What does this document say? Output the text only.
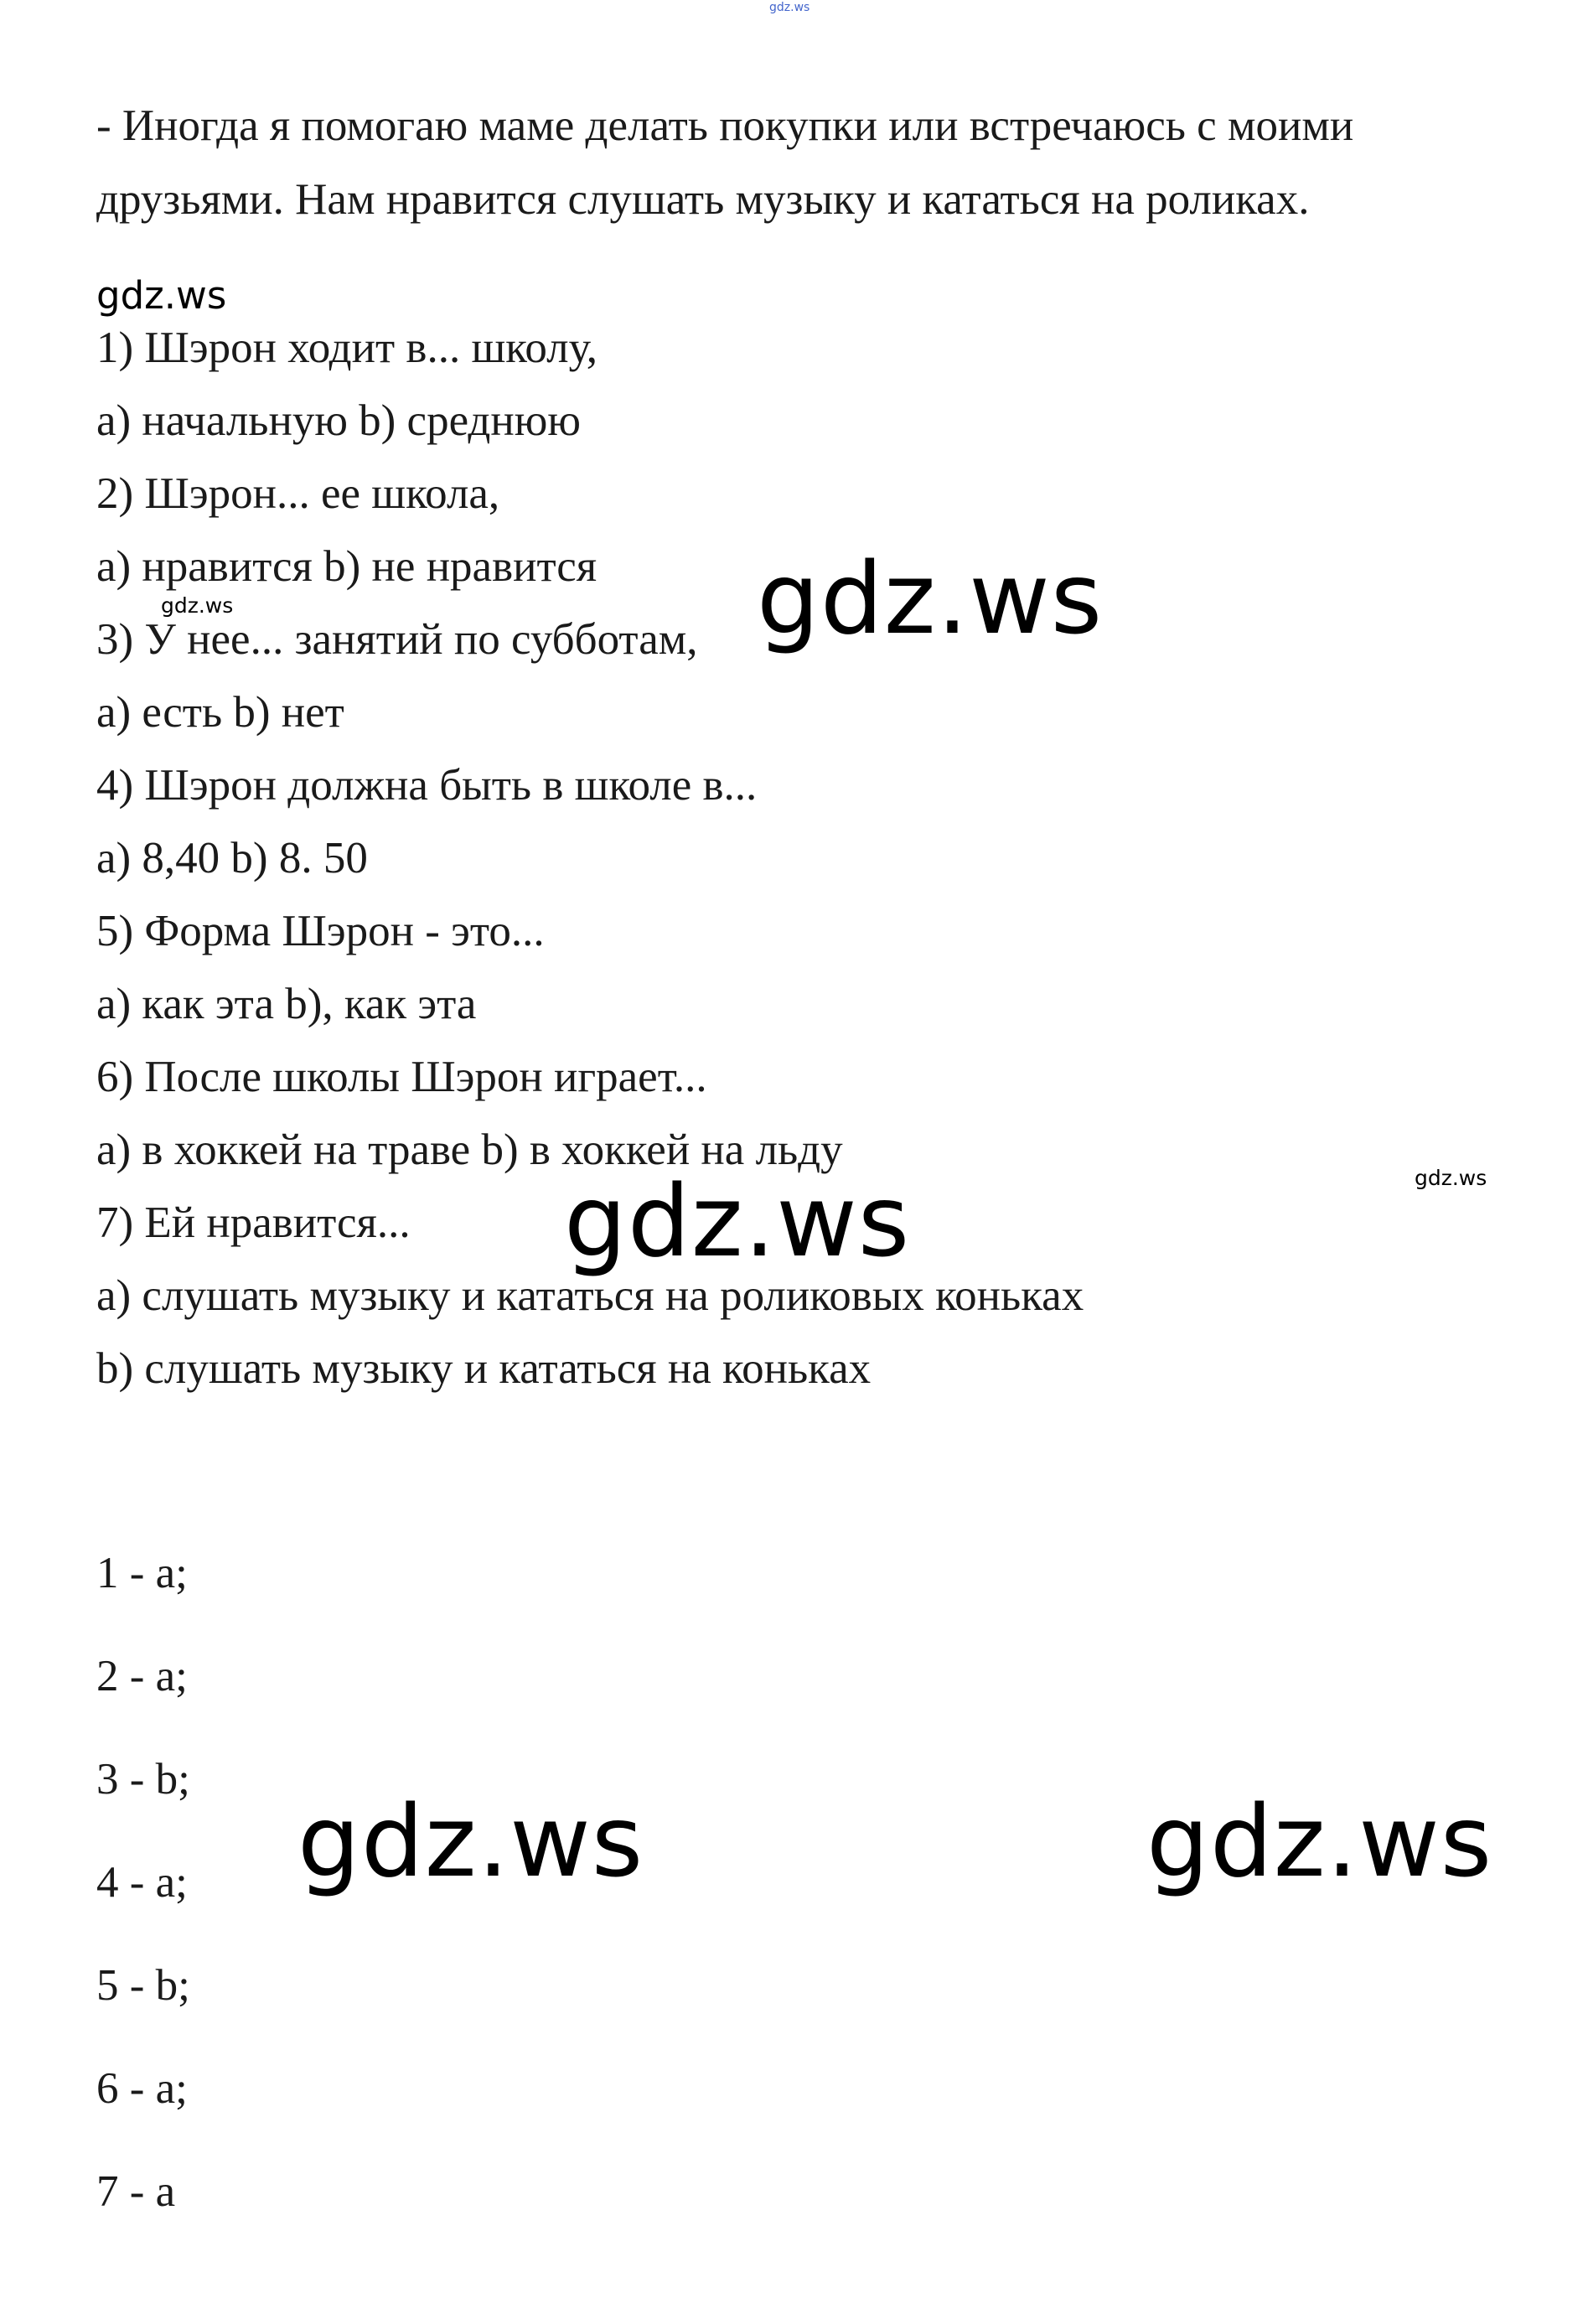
gdz.ws
- Иногда я помогаю маме делать покупки или встречаюсь с моими
друзьями. Нам нравится слушать музыку и кататься на роликах.
gdz.ws
1) Шэрон ходит в... школу,
a) начальную b) среднюю
2) Шэрон... ее школа,
a) нравится b) не нравится
3) У нее... занятий по субботам,
a) есть b) нет
4) Шэрон должна быть в школе в...
a) 8,40 b) 8. 50
5) Форма Шэрон - это...
a) как эта b), как эта
6) После школы Шэрон играет...
a) в хоккей на траве b) в хоккей на льду
7) Ей нравится...
a) слушать музыку и кататься на роликовых коньках
b) слушать музыку и кататься на коньках
gdz.ws	gdz.ws
gdz.ws
gdz.ws
1 - a;
2 - a;
3 - b;
4 - a;
5 - b;
6 - a;
7 - a
gdz.ws	gdz.ws
